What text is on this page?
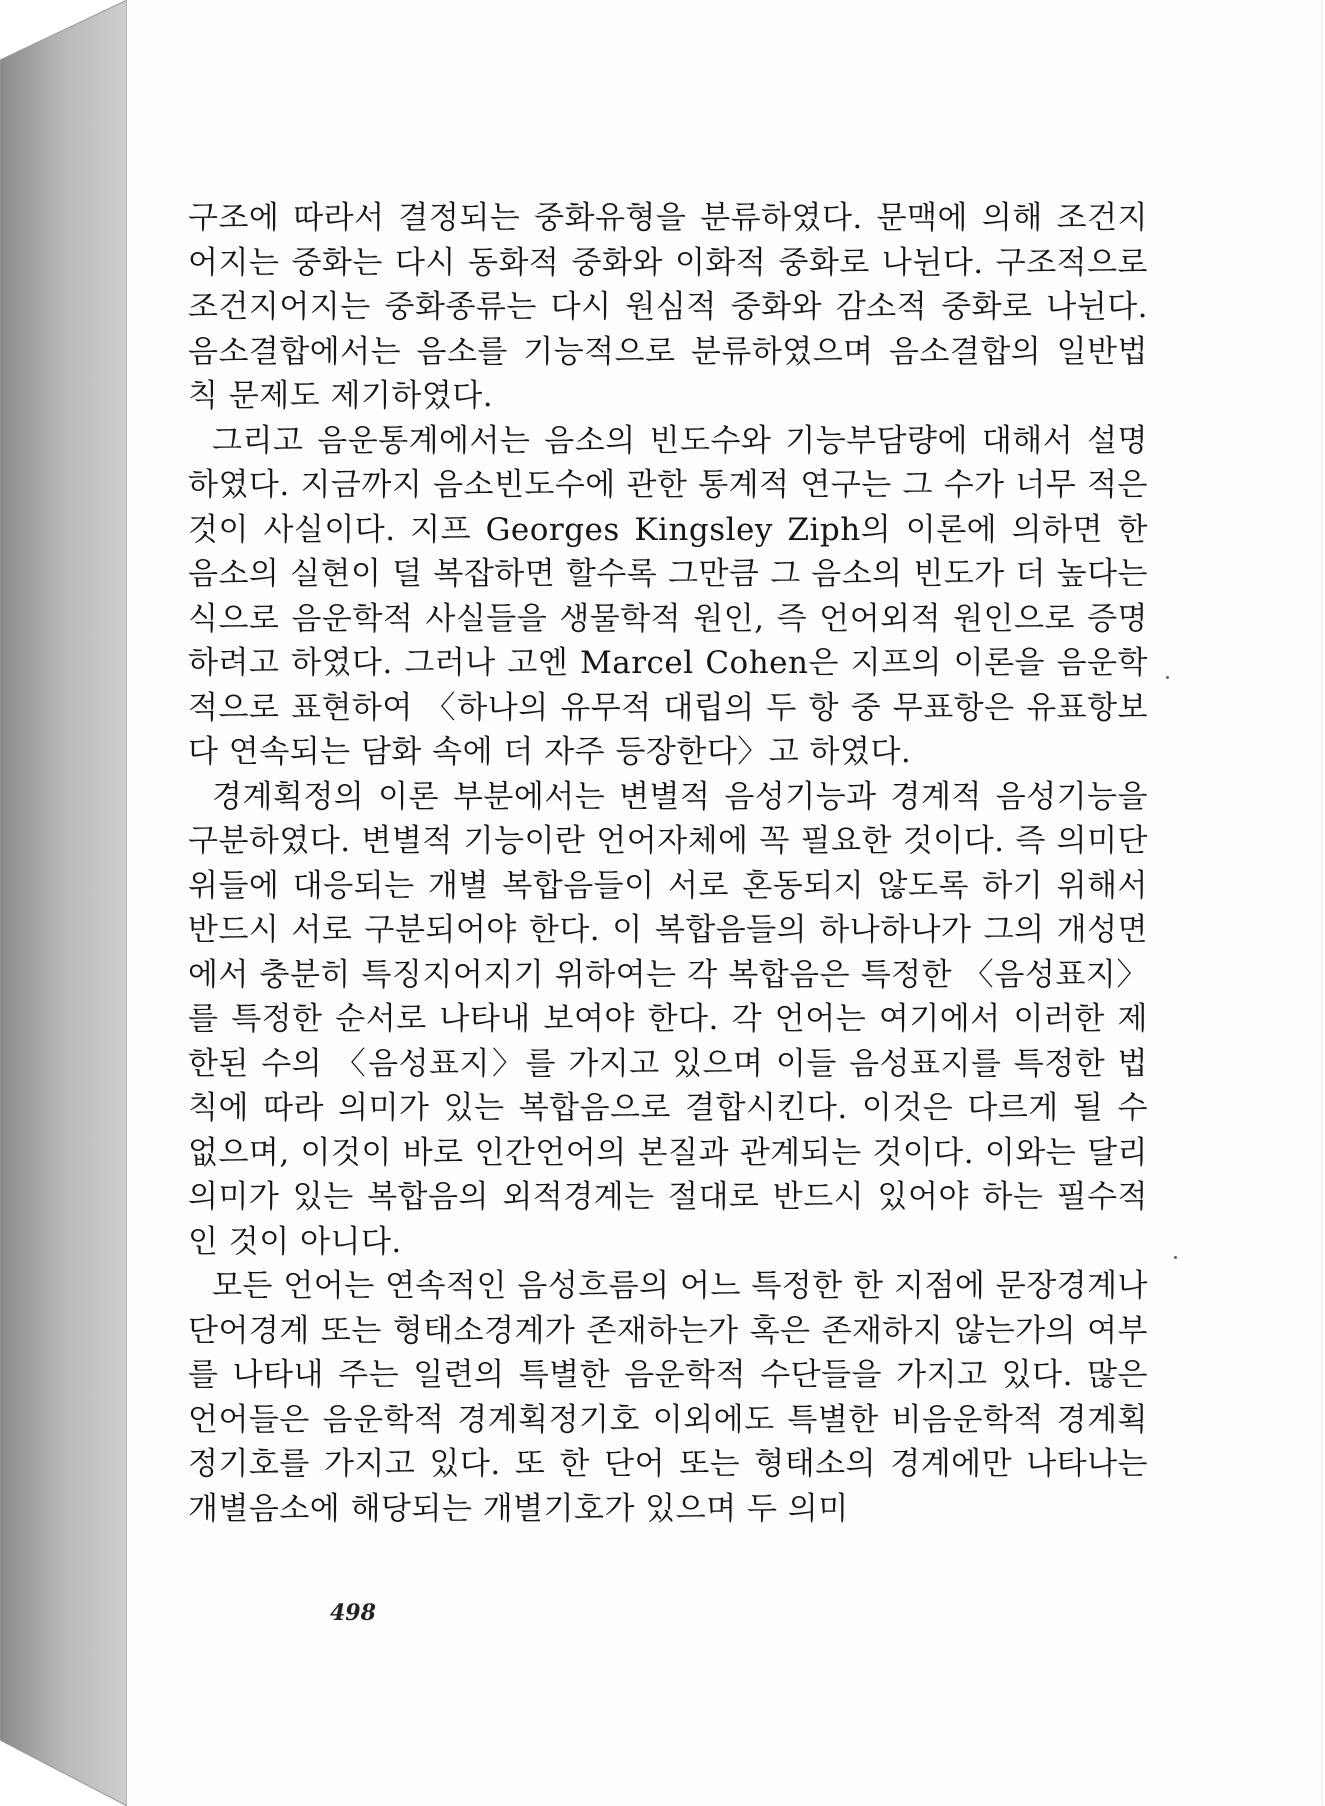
구조에 따라서 결정되는 중화유형을 분류하였다. 문맥에 의해 조건지어지는 중화는 다시 동화적 중화와 이화적 중화로 나뉜다. 구조적으로 조건지어지는 중화종류는 다시 원심적 중화와 감소적 중화로 나뉜다. 음소결합에서는 음소를 기능적으로 분류하였으며 음소결합의 일반법칙 문제도 제기하였다.

그리고 음운통계에서는 음소의 빈도수와 기능부담량에 대해서 설명하였다. 지금까지 음소빈도수에 관한 통계적 연구는 그 수가 너무 적은 것이 사실이다. 지프 Georges Kingsley Ziph의 이론에 의하면 한 음소의 실현이 덜 복잡하면 할수록 그만큼 그 음소의 빈도가 더 높다는 식으로 음운학적 사실들을 생물학적 원인, 즉 언어외적 원인으로 증명하려고 하였다. 그러나 고엔 Marcel Cohen은 지프의 이론을 음운학적으로 표현하여 〈하나의 유무적 대립의 두 항 중 무표항은 유표항보다 연속되는 담화 속에 더 자주 등장한다〉고 하였다.

경계획정의 이론 부분에서는 변별적 음성기능과 경계적 음성기능을 구분하였다. 변별적 기능이란 언어자체에 꼭 필요한 것이다. 즉 의미단위들에 대응되는 개별 복합음들이 서로 혼동되지 않도록 하기 위해서 반드시 서로 구분되어야 한다. 이 복합음들의 하나하나가 그의 개성면에서 충분히 특징지어지기 위하여는 각 복합음은 특정한 〈음성표지〉를 특정한 순서로 나타내 보여야 한다. 각 언어는 여기에서 이러한 제한된 수의 〈음성표지〉를 가지고 있으며 이들 음성표지를 특정한 법칙에 따라 의미가 있는 복합음으로 결합시킨다. 이것은 다르게 될 수 없으며, 이것이 바로 인간언어의 본질과 관계되는 것이다. 이와는 달리 의미가 있는 복합음의 외적경계는 절대로 반드시 있어야 하는 필수적인 것이 아니다.

모든 언어는 연속적인 음성흐름의 어느 특정한 한 지점에 문장경계나 단어경계 또는 형태소경계가 존재하는가 혹은 존재하지 않는가의 여부를 나타내 주는 일련의 특별한 음운학적 수단들을 가지고 있다. 많은 언어들은 음운학적 경계획정기호 이외에도 특별한 비음운학적 경계획정기호를 가지고 있다. 또 한 단어 또는 형태소의 경계에만 나타나는 개별음소에 해당되는 개별기호가 있으며 두 의미

498
